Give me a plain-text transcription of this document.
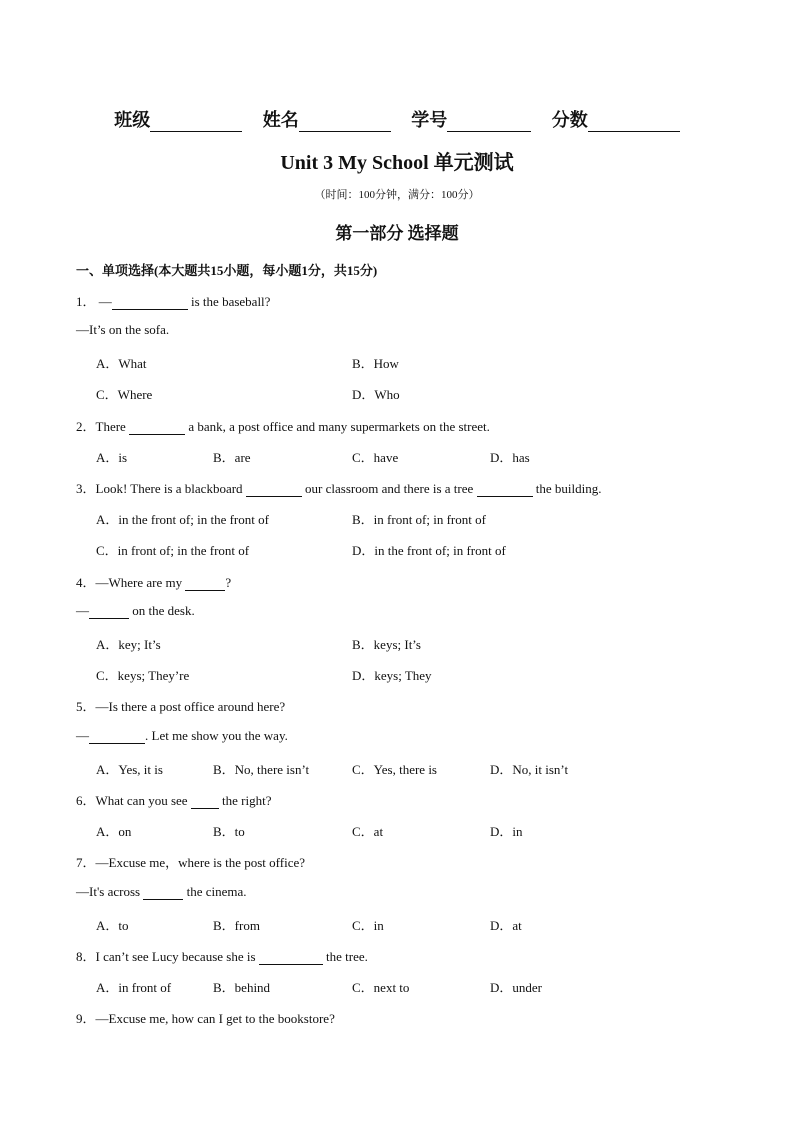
班级	姓名	学号	分数
Unit 3 My School 单元测试
（时间：100分钟，满分：100分）
第一部分 选择题
一、单项选择(本大题共15小题，每小题1分，共15分)
1． —	is the baseball?
—It’s on the sofa.
A．What	B．How
C．Where	D．Who
2．There	a bank, a post office and many supermarkets on the street.
A．is	B．are	C．have	D．has
3．Look! There is a blackboard	our classroom and there is a tree	the building.
A．in the front of; in the front of	B．in front of; in front of
C．in front of; in the front of	D．in the front of; in front of
4．—Where are my	?
—	on the desk.
A．key; It’s	B．keys; It’s
C．keys; They’re	D．keys; They
5．—Is there a post office around here?
—	. Let me show you the way.
A．Yes, it is	B．No, there isn’t	C．Yes, there is	D．No, it isn’t
6．What can you see  the right?
A．on	B．to	C．at	D．in
7．—Excuse me，where is the post office?
—It's across	the cinema.
A．to	B．from	C．in	D．at
8．I can’t see Lucy because she is	the tree.
A．in front of	B．behind	C．next to	D．under
9．—Excuse me, how can I get to the bookstore?
